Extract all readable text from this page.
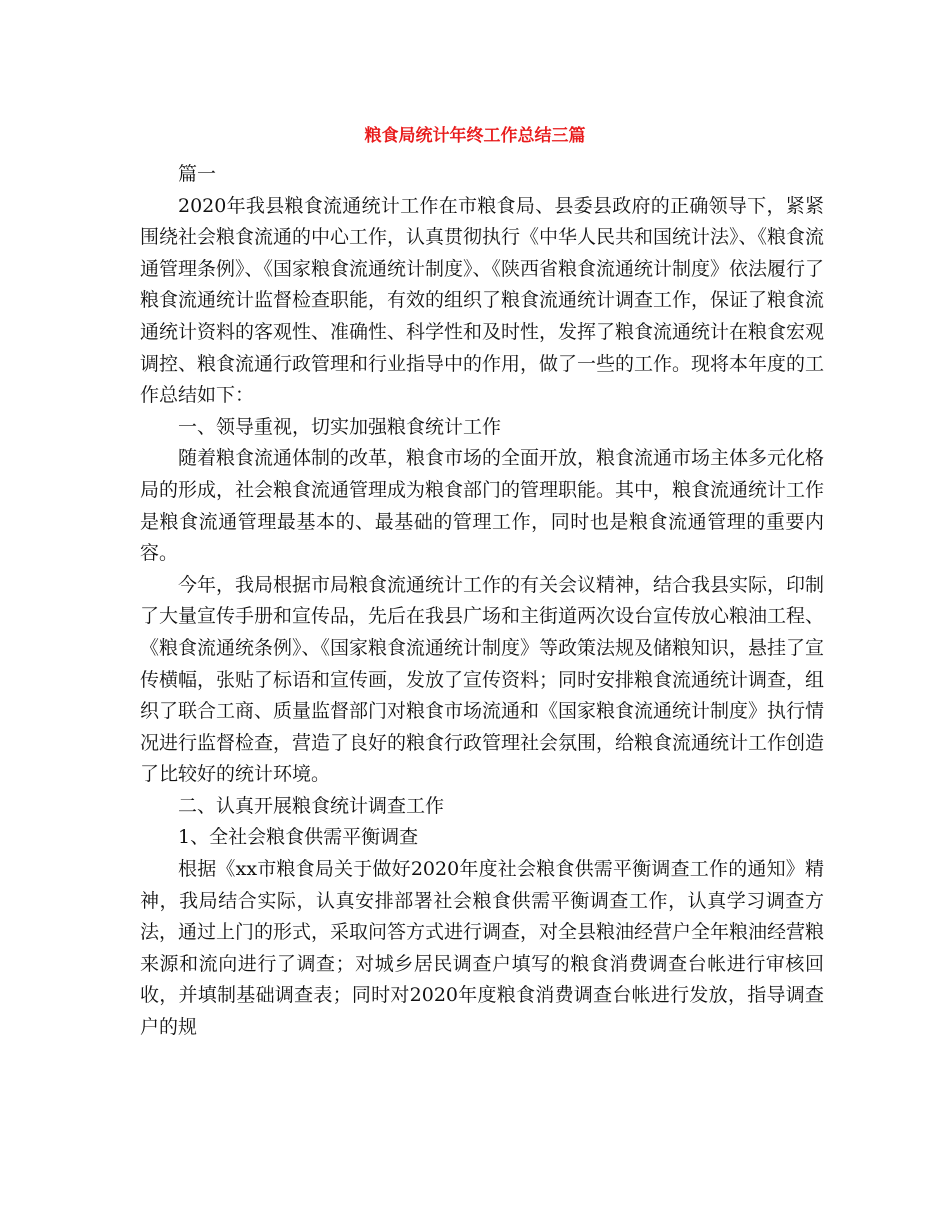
粮食局统计年终工作总结三篇

篇一

2020年我县粮食流通统计工作在市粮食局、县委县政府的正确领导下，紧紧围绕社会粮食流通的中心工作，认真贯彻执行《中华人民共和国统计法》、《粮食流通管理条例》、《国家粮食流通统计制度》、《陕西省粮食流通统计制度》依法履行了粮食流通统计监督检查职能，有效的组织了粮食流通统计调查工作，保证了粮食流通统计资料的客观性、准确性、科学性和及时性，发挥了粮食流通统计在粮食宏观调控、粮食流通行政管理和行业指导中的作用，做了一些的工作。现将本年度的工作总结如下：

一、领导重视，切实加强粮食统计工作

随着粮食流通体制的改革，粮食市场的全面开放，粮食流通市场主体多元化格局的形成，社会粮食流通管理成为粮食部门的管理职能。其中，粮食流通统计工作是粮食流通管理最基本的、最基础的管理工作，同时也是粮食流通管理的重要内容。

今年，我局根据市局粮食流通统计工作的有关会议精神，结合我县实际，印制了大量宣传手册和宣传品，先后在我县广场和主街道两次设台宣传放心粮油工程、《粮食流通统条例》、《国家粮食流通统计制度》等政策法规及储粮知识，悬挂了宣传横幅，张贴了标语和宣传画，发放了宣传资料；同时安排粮食流通统计调查，组织了联合工商、质量监督部门对粮食市场流通和《国家粮食流通统计制度》执行情况进行监督检查，营造了良好的粮食行政管理社会氛围，给粮食流通统计工作创造了比较好的统计环境。

二、认真开展粮食统计调查工作

1、全社会粮食供需平衡调查

根据《xx市粮食局关于做好2020年度社会粮食供需平衡调查工作的通知》精神，我局结合实际，认真安排部署社会粮食供需平衡调查工作，认真学习调查方法，通过上门的形式，采取问答方式进行调查，对全县粮油经营户全年粮油经营粮来源和流向进行了调查；对城乡居民调查户填写的粮食消费调查台帐进行审核回收，并填制基础调查表；同时对2020年度粮食消费调查台帐进行发放，指导调查户的规
